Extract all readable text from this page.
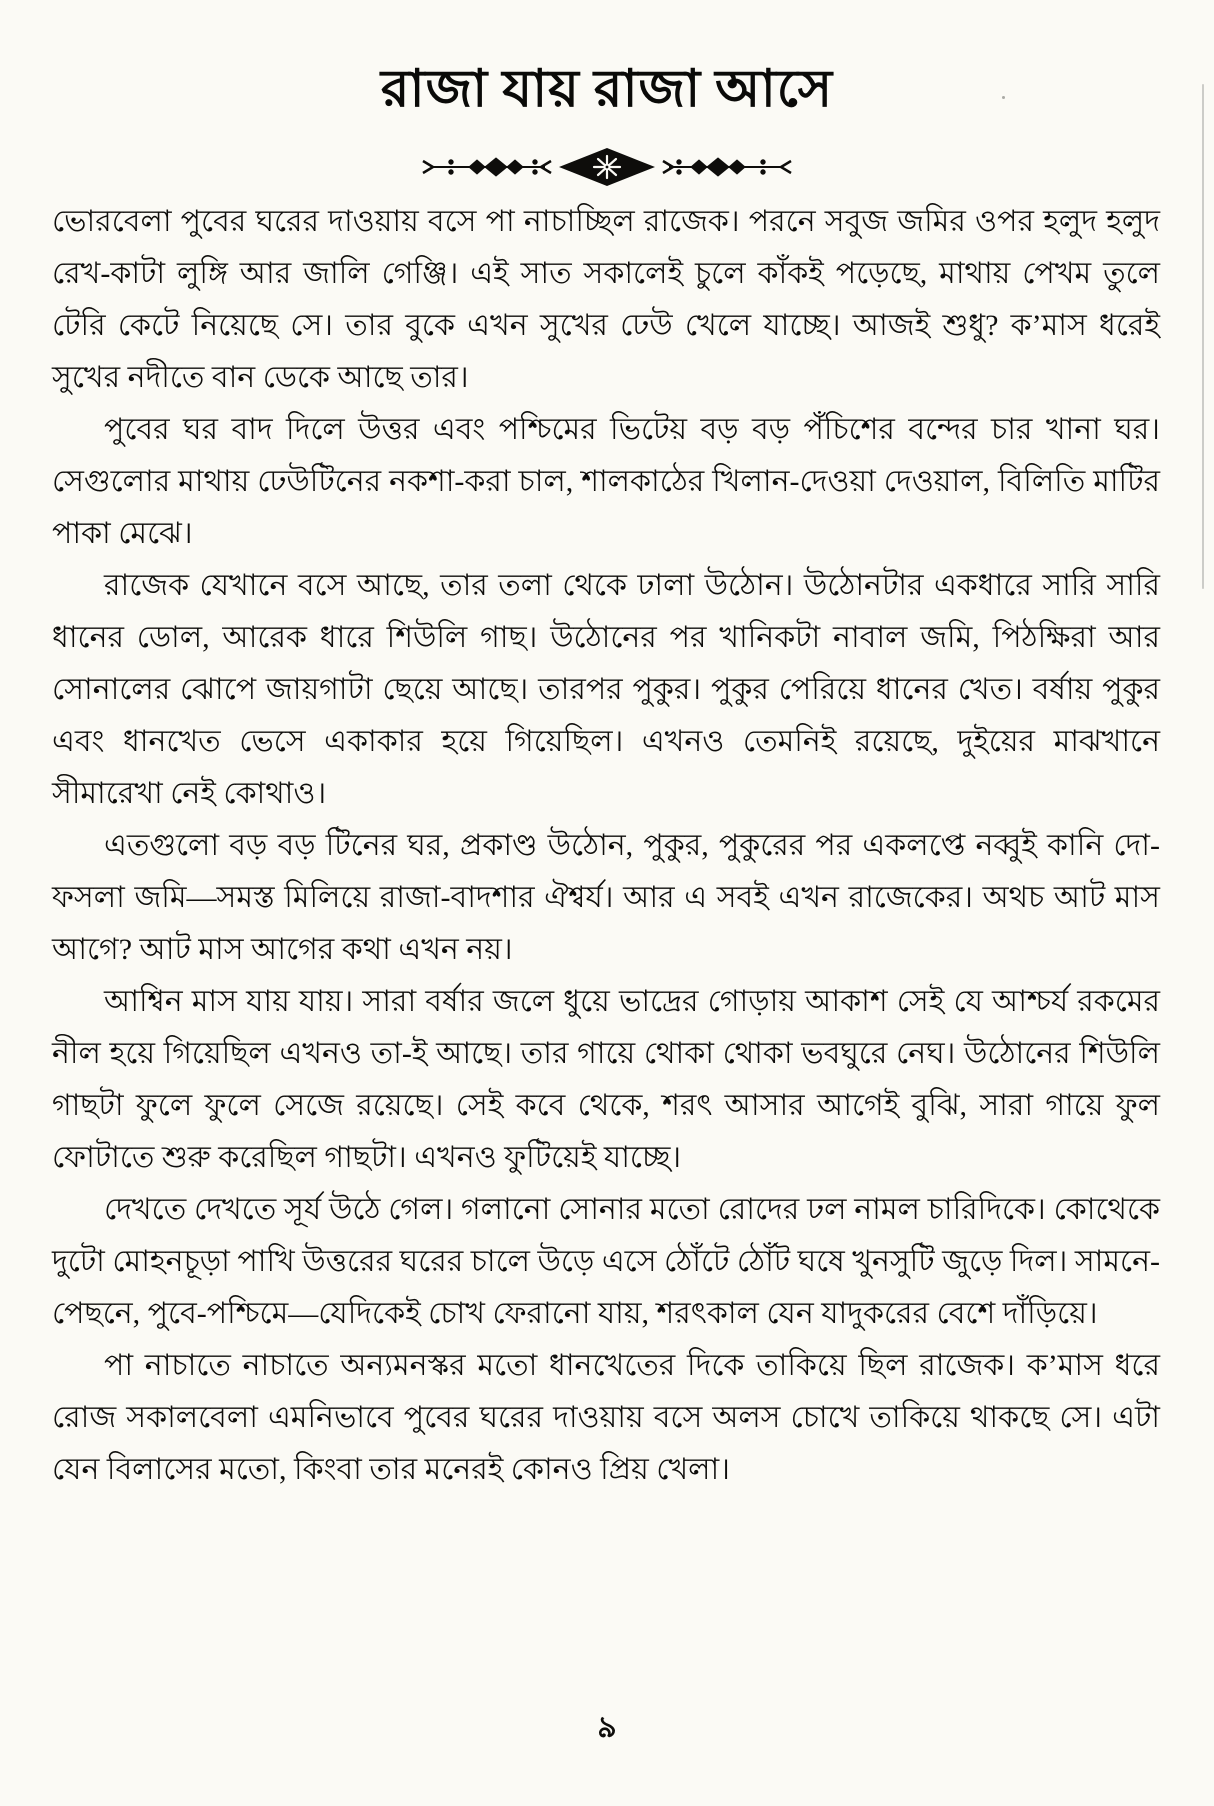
রাজা যায় রাজা আসে

ভোরবেলা পুবের ঘরের দাওয়ায় বসে পা নাচাচ্ছিল রাজেক। পরনে সবুজ জমির ওপর হলুদ হলুদ রেখ-কাটা লুঙ্গি আর জালি গেঞ্জি। এই সাত সকালেই চুলে কাঁকই পড়েছে, মাথায় পেখম তুলে টেরি কেটে নিয়েছে সে। তার বুকে এখন সুখের ঢেউ খেলে যাচ্ছে। আজই শুধু? ক’মাস ধরেই সুখের নদীতে বান ডেকে আছে তার।

পুবের ঘর বাদ দিলে উত্তর এবং পশ্চিমের ভিটেয় বড় বড় পঁচিশের বন্দের চার খানা ঘর। সেগুলোর মাথায় ঢেউটিনের নকশা-করা চাল, শালকাঠের খিলান-দেওয়া দেওয়াল, বিলিতি মাটির পাকা মেঝে।

রাজেক যেখানে বসে আছে, তার তলা থেকে ঢালা উঠোন। উঠোনটার একধারে সারি সারি ধানের ডোল, আরেক ধারে শিউলি গাছ। উঠোনের পর খানিকটা নাবাল জমি, পিঠক্ষিরা আর সোনালের ঝোপে জায়গাটা ছেয়ে আছে। তারপর পুকুর। পুকুর পেরিয়ে ধানের খেত। বর্ষায় পুকুর এবং ধানখেত ভেসে একাকার হয়ে গিয়েছিল। এখনও তেমনিই রয়েছে, দুইয়ের মাঝখানে সীমারেখা নেই কোথাও।

এতগুলো বড় বড় টিনের ঘর, প্রকাণ্ড উঠোন, পুকুর, পুকুরের পর একলপ্তে নব্বুই কানি দো-ফসলা জমি—সমস্ত মিলিয়ে রাজা-বাদশার ঐশ্বর্য। আর এ সবই এখন রাজেকের। অথচ আট মাস আগে? আট মাস আগের কথা এখন নয়।

আশ্বিন মাস যায় যায়। সারা বর্ষার জলে ধুয়ে ভাদ্রের গোড়ায় আকাশ সেই যে আশ্চর্য রকমের নীল হয়ে গিয়েছিল এখনও তা-ই আছে। তার গায়ে থোকা থোকা ভবঘুরে নেঘ। উঠোনের শিউলি গাছটা ফুলে ফুলে সেজে রয়েছে। সেই কবে থেকে, শরৎ আসার আগেই বুঝি, সারা গায়ে ফুল ফোটাতে শুরু করেছিল গাছটা। এখনও ফুটিয়েই যাচ্ছে।

দেখতে দেখতে সূর্য উঠে গেল। গলানো সোনার মতো রোদের ঢল নামল চারিদিকে। কোথেকে দুটো মোহনচূড়া পাখি উত্তরের ঘরের চালে উড়ে এসে ঠোঁটে ঠোঁট ঘষে খুনসুটি জুড়ে দিল। সামনে-পেছনে, পুবে-পশ্চিমে—যেদিকেই চোখ ফেরানো যায়, শরৎকাল যেন যাদুকরের বেশে দাঁড়িয়ে।

পা নাচাতে নাচাতে অন্যমনস্কর মতো ধানখেতের দিকে তাকিয়ে ছিল রাজেক। ক’মাস ধরে রোজ সকালবেলা এমনিভাবে পুবের ঘরের দাওয়ায় বসে অলস চোখে তাকিয়ে থাকছে সে। এটা যেন বিলাসের মতো, কিংবা তার মনেরই কোনও প্রিয় খেলা।

৯
